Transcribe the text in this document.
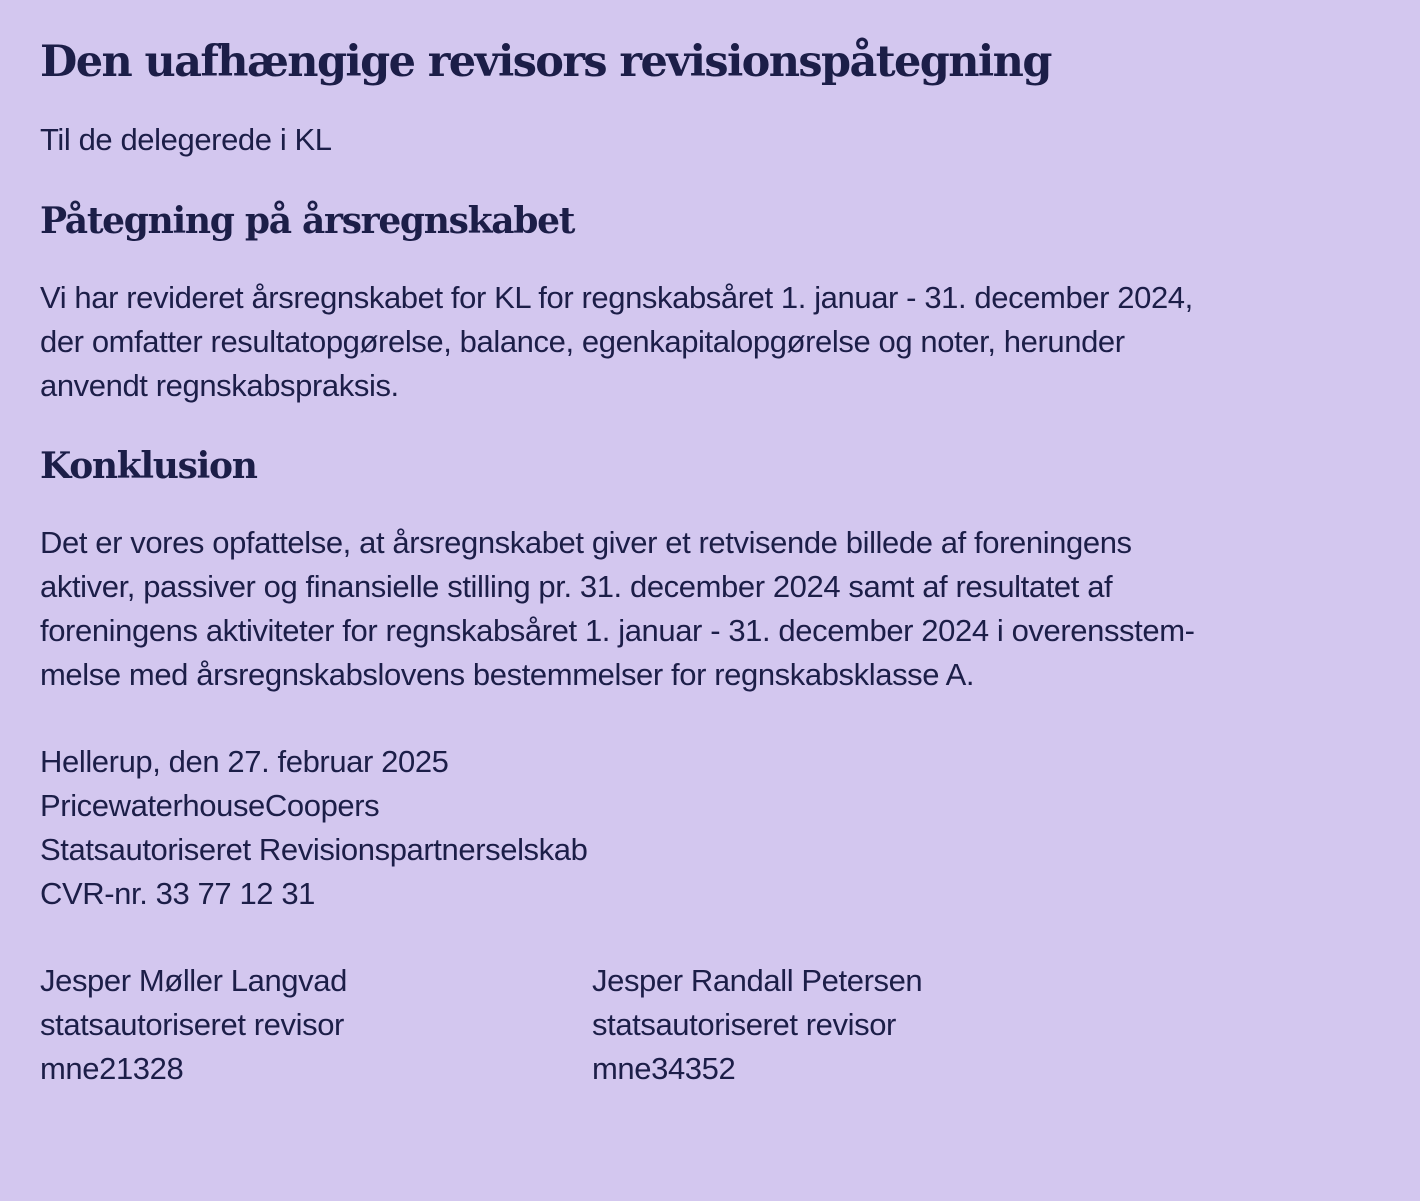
Den uafhængige revisors revisionspåtegning
Til de delegerede i KL
Påtegning på årsregnskabet
Vi har revideret årsregnskabet for KL for regnskabsåret 1. januar - 31. december 2024,
der omfatter resultatopgørelse, balance, egenkapitalopgørelse og noter, herunder
anvendt regnskabspraksis.
Konklusion
Det er vores opfattelse, at årsregnskabet giver et retvisende billede af foreningens
aktiver, passiver og finansielle stilling pr. 31. december 2024 samt af resultatet af
foreningens aktiviteter for regnskabsåret 1. januar - 31. december 2024 i overensstem-
melse med årsregnskabslovens bestemmelser for regnskabsklasse A.
Hellerup, den 27. februar 2025
PricewaterhouseCoopers
Statsautoriseret Revisionspartnerselskab
CVR-nr. 33 77 12 31
Jesper Møller Langvad
statsautoriseret revisor
mne21328
Jesper Randall Petersen
statsautoriseret revisor
mne34352
